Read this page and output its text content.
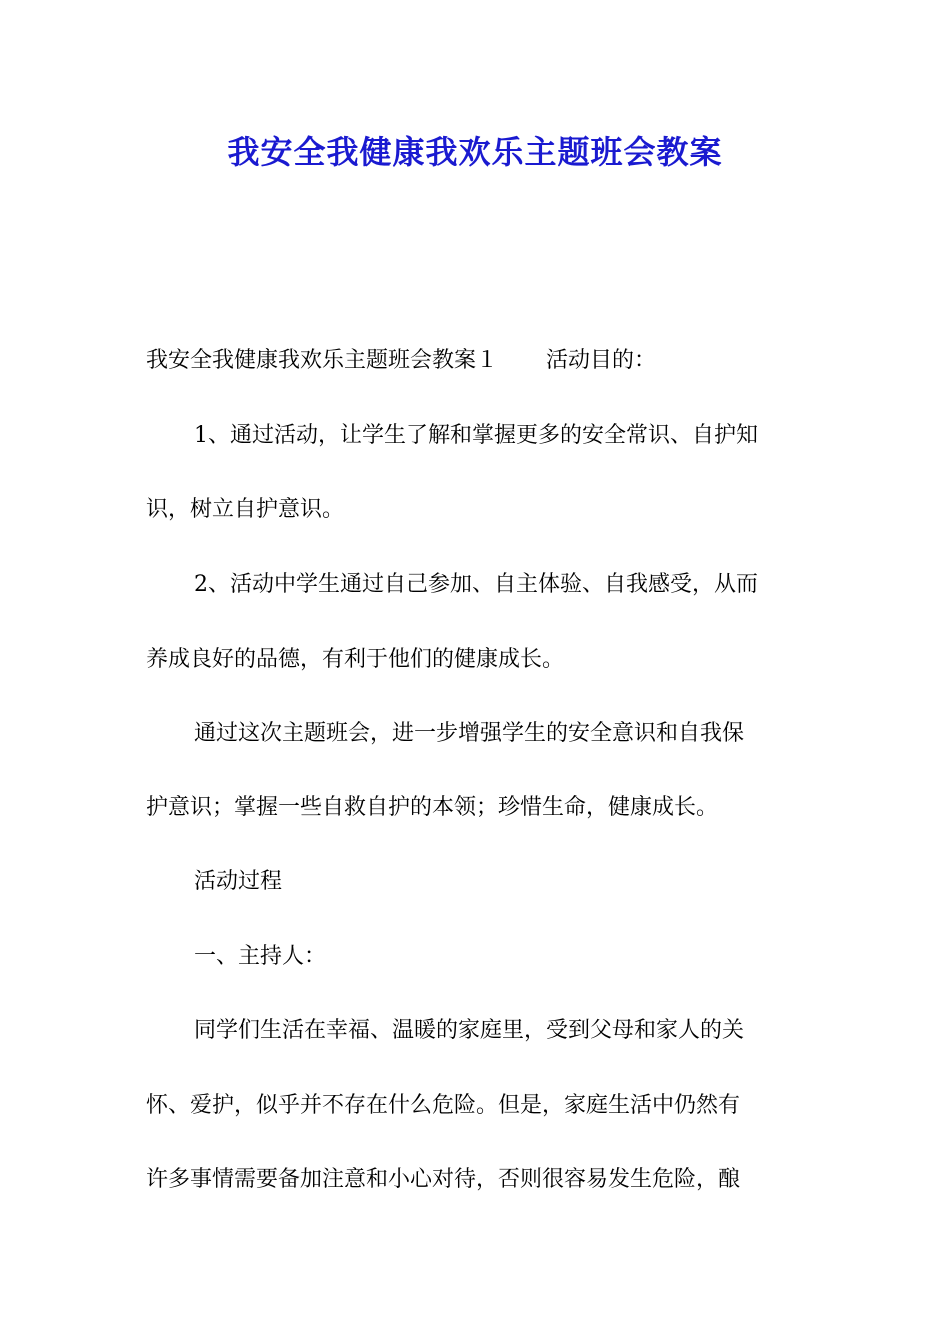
我安全我健康我欢乐主题班会教案
我安全我健康我欢乐主题班会教案１ 活动目的：
1、通过活动，让学生了解和掌握更多的安全常识、自护知
识，树立自护意识。
2、活动中学生通过自己参加、自主体验、自我感受，从而
养成良好的品德，有利于他们的健康成长。
通过这次主题班会，进一步增强学生的安全意识和自我保
护意识；掌握一些自救自护的本领；珍惜生命，健康成长。
活动过程
一、主持人：
同学们生活在幸福、温暖的家庭里，受到父母和家人的关
怀、爱护，似乎并不存在什么危险。但是，家庭生活中仍然有
许多事情需要备加注意和小心对待，否则很容易发生危险，酿
